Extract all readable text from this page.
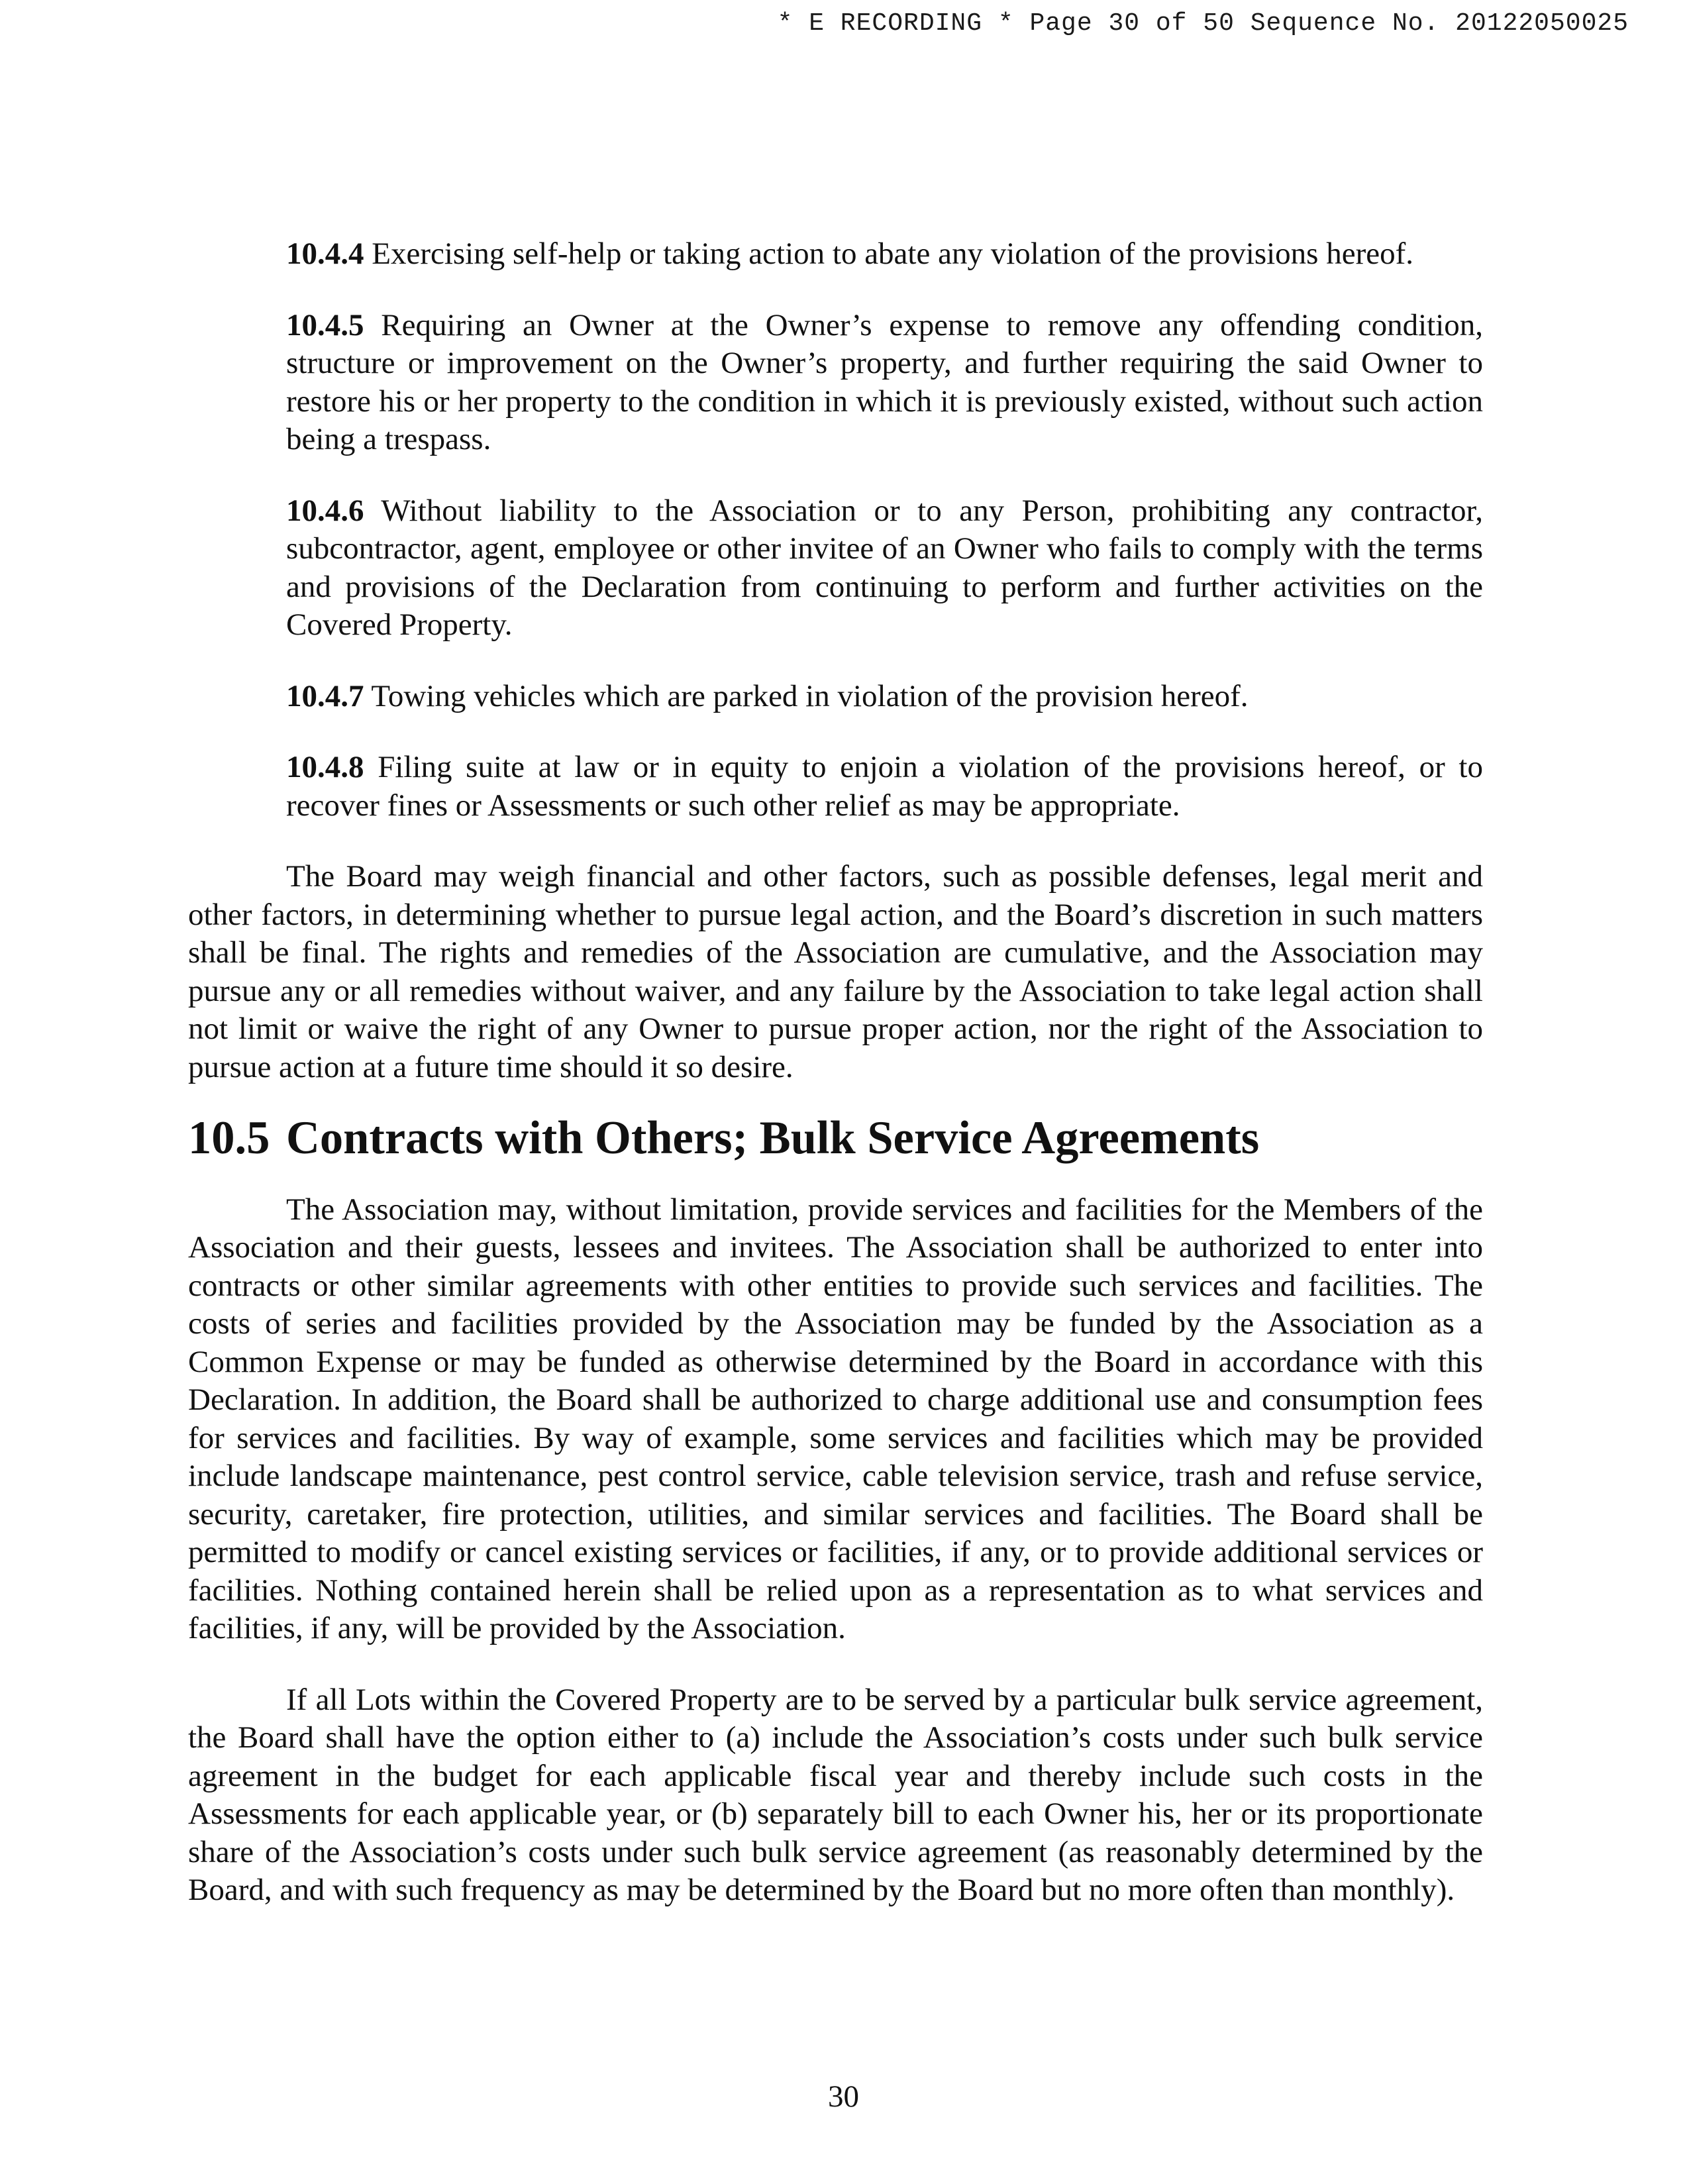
* E RECORDING * Page 30 of 50 Sequence No. 20122050025

10.4.4 Exercising self-help or taking action to abate any violation of the provisions hereof.

10.4.5 Requiring an Owner at the Owner’s expense to remove any offending condition, structure or improvement on the Owner’s property, and further requiring the said Owner to restore his or her property to the condition in which it is previously existed, without such action being a trespass.

10.4.6 Without liability to the Association or to any Person, prohibiting any contractor, subcontractor, agent, employee or other invitee of an Owner who fails to comply with the terms and provisions of the Declaration from continuing to perform and further activities on the Covered Property.

10.4.7 Towing vehicles which are parked in violation of the provision hereof.

10.4.8 Filing suite at law or in equity to enjoin a violation of the provisions hereof, or to recover fines or Assessments or such other relief as may be appropriate.

The Board may weigh financial and other factors, such as possible defenses, legal merit and other factors, in determining whether to pursue legal action, and the Board’s discretion in such matters shall be final. The rights and remedies of the Association are cumulative, and the Association may pursue any or all remedies without waiver, and any failure by the Association to take legal action shall not limit or waive the right of any Owner to pursue proper action, nor the right of the Association to pursue action at a future time should it so desire.

10.5 Contracts with Others; Bulk Service Agreements

The Association may, without limitation, provide services and facilities for the Members of the Association and their guests, lessees and invitees. The Association shall be authorized to enter into contracts or other similar agreements with other entities to provide such services and facilities. The costs of series and facilities provided by the Association may be funded by the Association as a Common Expense or may be funded as otherwise determined by the Board in accordance with this Declaration. In addition, the Board shall be authorized to charge additional use and consumption fees for services and facilities. By way of example, some services and facilities which may be provided include landscape maintenance, pest control service, cable television service, trash and refuse service, security, caretaker, fire protection, utilities, and similar services and facilities. The Board shall be permitted to modify or cancel existing services or facilities, if any, or to provide additional services or facilities. Nothing contained herein shall be relied upon as a representation as to what services and facilities, if any, will be provided by the Association.

If all Lots within the Covered Property are to be served by a particular bulk service agreement, the Board shall have the option either to (a) include the Association’s costs under such bulk service agreement in the budget for each applicable fiscal year and thereby include such costs in the Assessments for each applicable year, or (b) separately bill to each Owner his, her or its proportionate share of the Association’s costs under such bulk service agreement (as reasonably determined by the Board, and with such frequency as may be determined by the Board but no more often than monthly).

30
